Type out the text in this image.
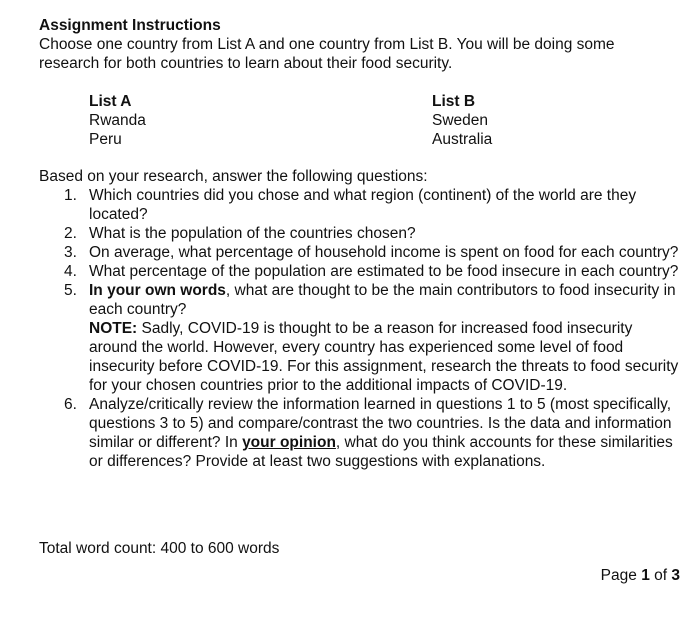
Assignment Instructions
Choose one country from List A and one country from List B. You will be doing some research for both countries to learn about their food security.
List A
Rwanda
Peru
List B
Sweden
Australia
Based on your research, answer the following questions:
1. Which countries did you chose and what region (continent) of the world are they located?
2. What is the population of the countries chosen?
3. On average, what percentage of household income is spent on food for each country?
4. What percentage of the population are estimated to be food insecure in each country?
5. In your own words, what are thought to be the main contributors to food insecurity in each country?
NOTE: Sadly, COVID-19 is thought to be a reason for increased food insecurity around the world. However, every country has experienced some level of food insecurity before COVID-19. For this assignment, research the threats to food security for your chosen countries prior to the additional impacts of COVID-19.
6. Analyze/critically review the information learned in questions 1 to 5 (most specifically, questions 3 to 5) and compare/contrast the two countries. Is the data and information similar or different? In your opinion, what do you think accounts for these similarities or differences? Provide at least two suggestions with explanations.
Total word count: 400 to 600 words
Page 1 of 3
